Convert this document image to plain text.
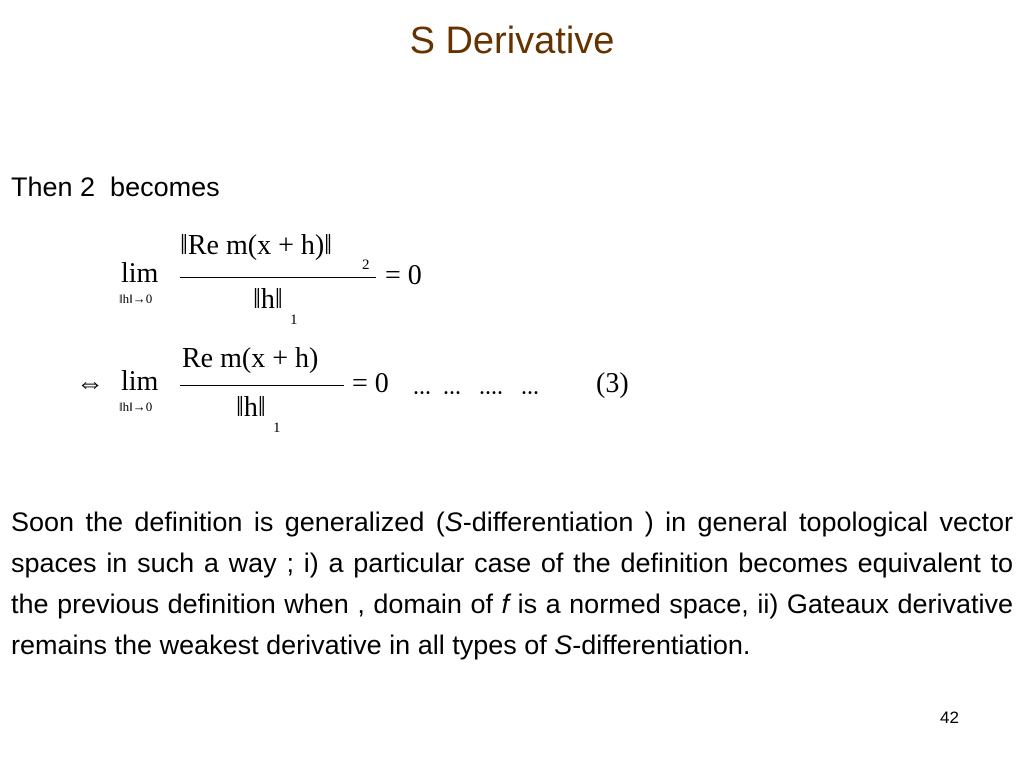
S Derivative
Then 2  becomes
lim
‖h‖→0
‖Re m(x + h)‖
2
‖h‖
1
= 0
⇔ lim
‖h‖→0
Re m(x + h)
‖h‖
1
= 0 ...  ...   ....   ... (3)
Soon the definition is generalized (S-differentiation ) in general topological vector spaces in such a way ; i) a particular case of the definition becomes equivalent to the previous definition when , domain of f is a normed space, ii) Gateaux derivative remains the weakest derivative in all types of S-differentiation.
42
